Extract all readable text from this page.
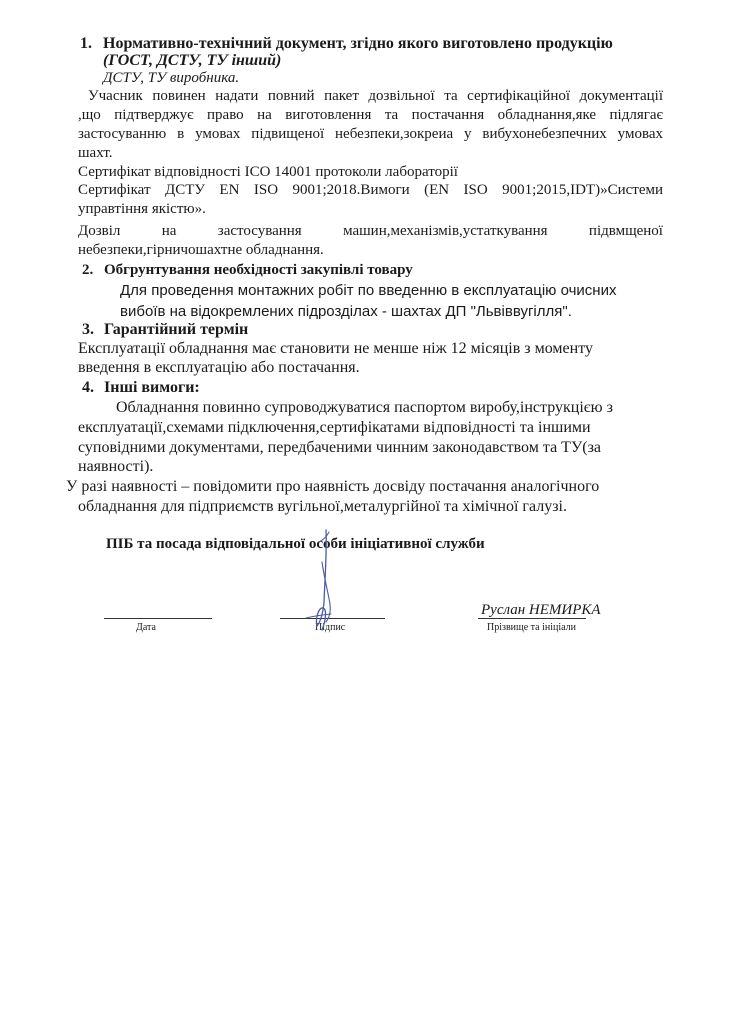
1. Нормативно-технічний документ, згідно якого виготовлено продукцію
(ГОСТ, ДСТУ, ТУ інший)
ДСТУ, ТУ виробника.
Учасник повинен надати повний пакет дозвільної та сертифікаційної документації
,що підтверджує право на виготовлення та постачання обладнання,яке підлягає
застосуванню в умовах підвищеної небезпеки,зокреиа у вибухонебезпечних умовах
шахт.
Сертифікат відповідності ІСО 14001 протоколи лабораторії
Сертифікат ДСТУ EN ISO 9001;2018.Вимоги (EN ISO 9001;2015,IDT)»Системи
управтіння якістю».
Дозвіл	на	застосування	машин,механізмів,устаткування	підвмщеної
небезпеки,гірничошахтне обладнання.
2. Обгрунтування необхідності закупівлі товару
Для проведення монтажних робіт по введенню в експлуатацію очисних
вибоїв на відокремлених підрозділах - шахтах ДП "Львіввугілля".
3. Гарантійний термін
Експлуатації обладнання має становити не менше ніж 12 місяців з моменту
введення в експлуатацію або постачання.
4. Інші вимоги:
Обладнання повинно супроводжуватися паспортом виробу,інструкцією з
експлуатації,схемами підключення,сертифікатами відповідності та іншими
суповідними документами, передбаченими чинним законодавством та ТУ(за
наявності).
У разі наявності – повідомити про наявність досвіду постачання аналогічного
обладнання для підприємств вугільної,металургійної та хімічної галузі.
ПІБ та посада відповідальної особи ініціативної служби
Дата	Підпис
Руслан НЕМИРКА
Прізвище та ініціали
